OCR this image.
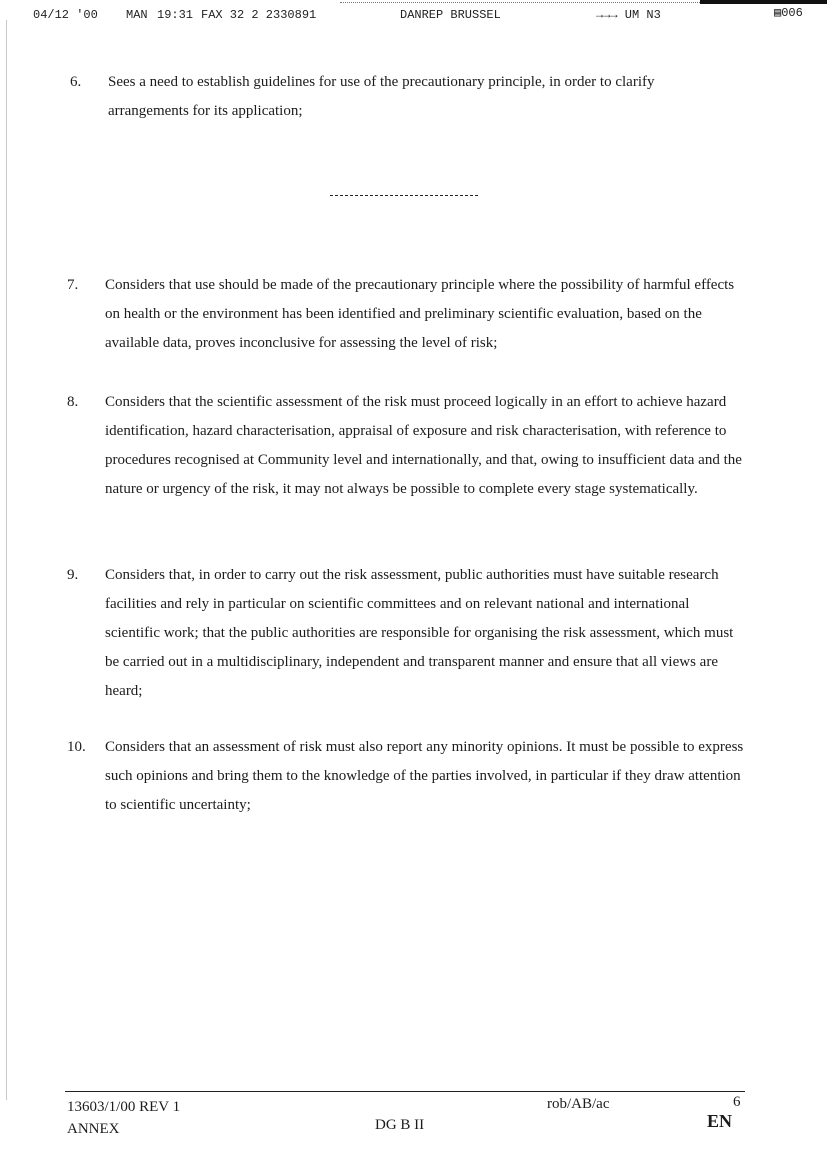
04/12 '00 MAN 19:31 FAX 32 2 2330891	DANREP BRUSSEL	→→→ UM N3	▤006
6. Sees a need to establish guidelines for use of the precautionary principle, in order to clarify arrangements for its application;
7. Considers that use should be made of the precautionary principle where the possibility of harmful effects on health or the environment has been identified and preliminary scientific evaluation, based on the available data, proves inconclusive for assessing the level of risk;
8. Considers that the scientific assessment of the risk must proceed logically in an effort to achieve hazard identification, hazard characterisation, appraisal of exposure and risk characterisation, with reference to procedures recognised at Community level and internationally, and that, owing to insufficient data and the nature or urgency of the risk, it may not always be possible to complete every stage systematically.
9. Considers that, in order to carry out the risk assessment, public authorities must have suitable research facilities and rely in particular on scientific committees and on relevant national and international scientific work; that the public authorities are responsible for organising the risk assessment, which must be carried out in a multidisciplinary, independent and transparent manner and ensure that all views are heard;
10. Considers that an assessment of risk must also report any minority opinions. It must be possible to express such opinions and bring them to the knowledge of the parties involved, in particular if they draw attention to scientific uncertainty;
13603/1/00 REV 1
ANNEX	DG B II
rob/AB/ac	6
EN
